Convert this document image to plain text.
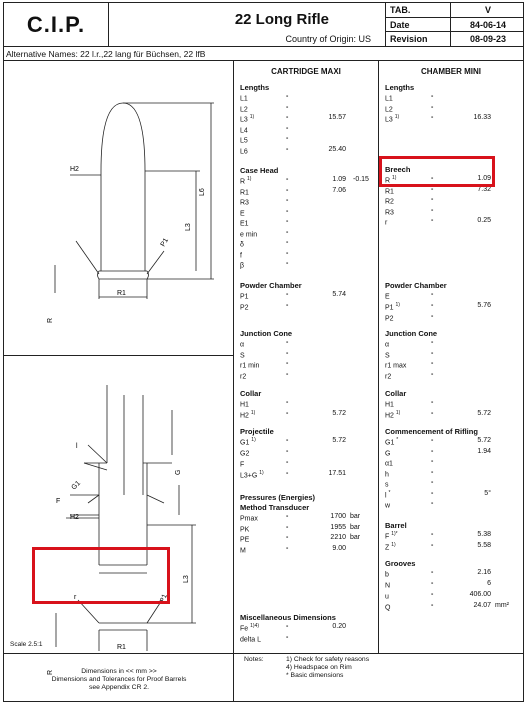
C.I.P.	22 Long Rifle
Country of Origin: US
TAB.	V
Date	84-06-14
Revision	08-09-23
Alternative Names: 22 l.r.,22 lang für Büchsen, 22 lfB
H2
L6
L3
P1
R1
R
l
G1
G
F
H2
L3
P1
R1
R
r
Scale 2.5:1
CARTRIDGE MAXI
Lengths
L1	-
L2	-
L3 $^{1)}$	-	15.57
L4	-
L5	-
L6	-	25.40
Case Head
R $^{1)}$	-	1.09 -0.15
R1	-	7.06
R3	-
E	-
E1	-
e min	-
δ	-
f	-
β	-
Powder Chamber
P1	-	5.74
P2	-
Junction Cone
α	-
S	-
r1 min	-
r2	-
Collar
H1	-
H2 $^{1)}$	-	5.72
Projectile
G1 $^{1)}$	-	5.72
G2	-
F	-
L3+G $^{1)}$	-	17.51
Pressures (Energies)
Method Transducer
Pmax	-	1700 bar
PK	-	1955 bar
PE	-	2210 bar
M	-	9.00
Miscellaneous Dimensions
Fe $^{1)4)}$	-	0.20
delta L	-
CHAMBER MINI
Lengths
L1	-
L2	-
L3 $^{1)}$	-	16.33
Breech
R $^{1)}$	-	1.09
R1	-	7.32
R2	-
R3	-
r	-	0.25
Powder Chamber
E	-
P1 $^{1)}$	-	5.76
P2	-
Junction Cone
α	-
S	-
r1 max	-
r2	-
Collar
H1	-
H2 $^{1)}$	-	5.72
Commencement of Rifling
G1 *	-	5.72
G	-	1.94
α1	-
h	-
s	-
l *	-	5°
w	-
Barrel
F $^{1)*}$	-	5.38
Z $^{1)}$	-	5.58
Grooves
b	-	2.16
N	-	6
u	-	406.00
Q	-	24.07 mm²
Dimensions in << mm >>
Dimensions and Tolerances for Proof Barrels
see Appendix CR 2.
Notes:	1) Check for safety reasons
4) Headspace on Rim
* Basic dimensions
